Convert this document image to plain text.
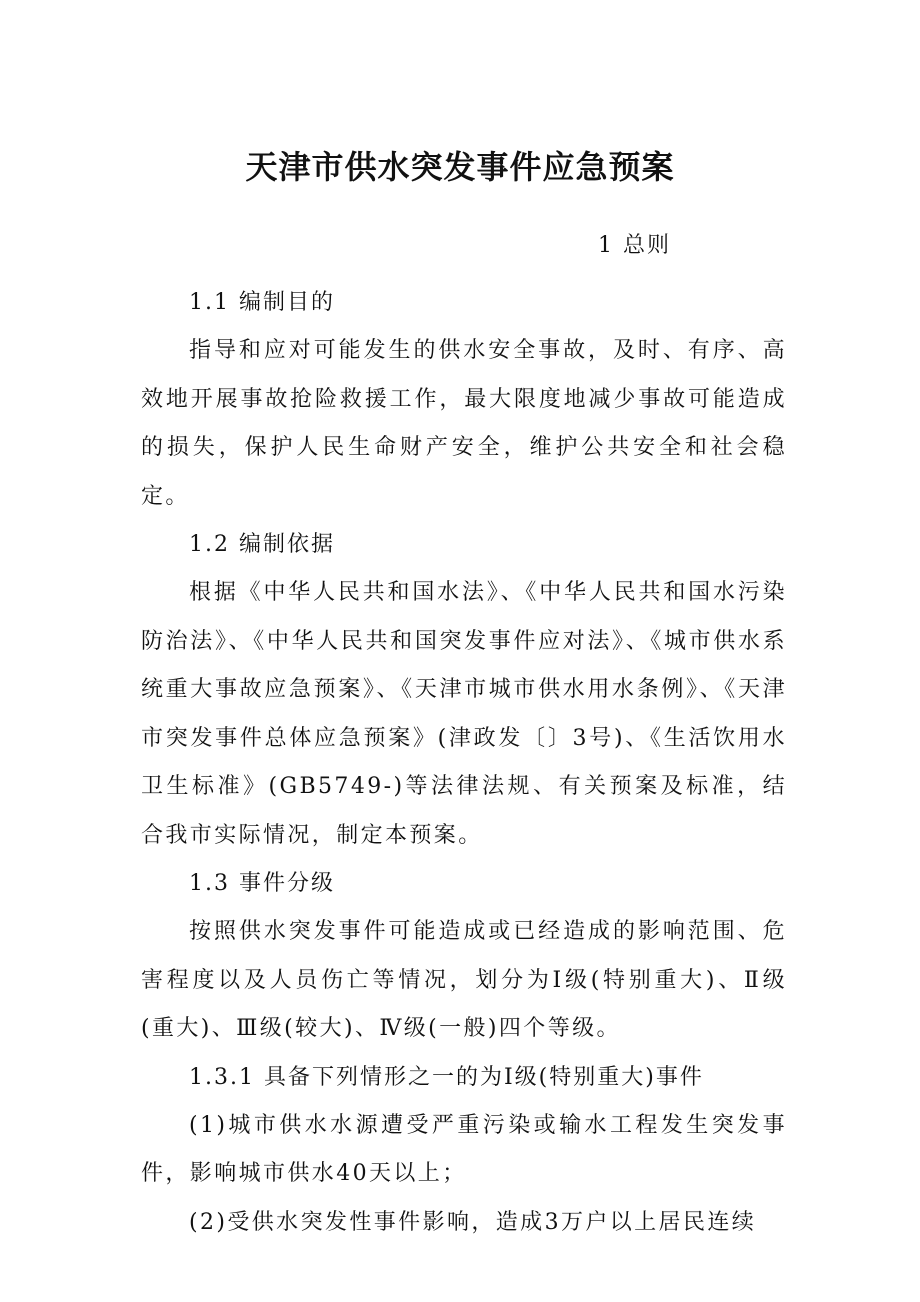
天津市供水突发事件应急预案

1 总则

1.1 编制目的

指导和应对可能发生的供水安全事故，及时、有序、高效地开展事故抢险救援工作，最大限度地减少事故可能造成的损失，保护人民生命财产安全，维护公共安全和社会稳定。

1.2 编制依据

根据《中华人民共和国水法》、《中华人民共和国水污染防治法》、《中华人民共和国突发事件应对法》、《城市供水系统重大事故应急预案》、《天津市城市供水用水条例》、《天津市突发事件总体应急预案》(津政发〔〕3号)、《生活饮用水卫生标准》(GB5749-)等法律法规、有关预案及标准，结合我市实际情况，制定本预案。

1.3 事件分级

按照供水突发事件可能造成或已经造成的影响范围、危害程度以及人员伤亡等情况，划分为Ⅰ级(特别重大)、Ⅱ级(重大)、Ⅲ级(较大)、Ⅳ级(一般)四个等级。

1.3.1 具备下列情形之一的为Ⅰ级(特别重大)事件

(1)城市供水水源遭受严重污染或输水工程发生突发事件，影响城市供水40天以上；

(2)受供水突发性事件影响，造成3万户以上居民连续
